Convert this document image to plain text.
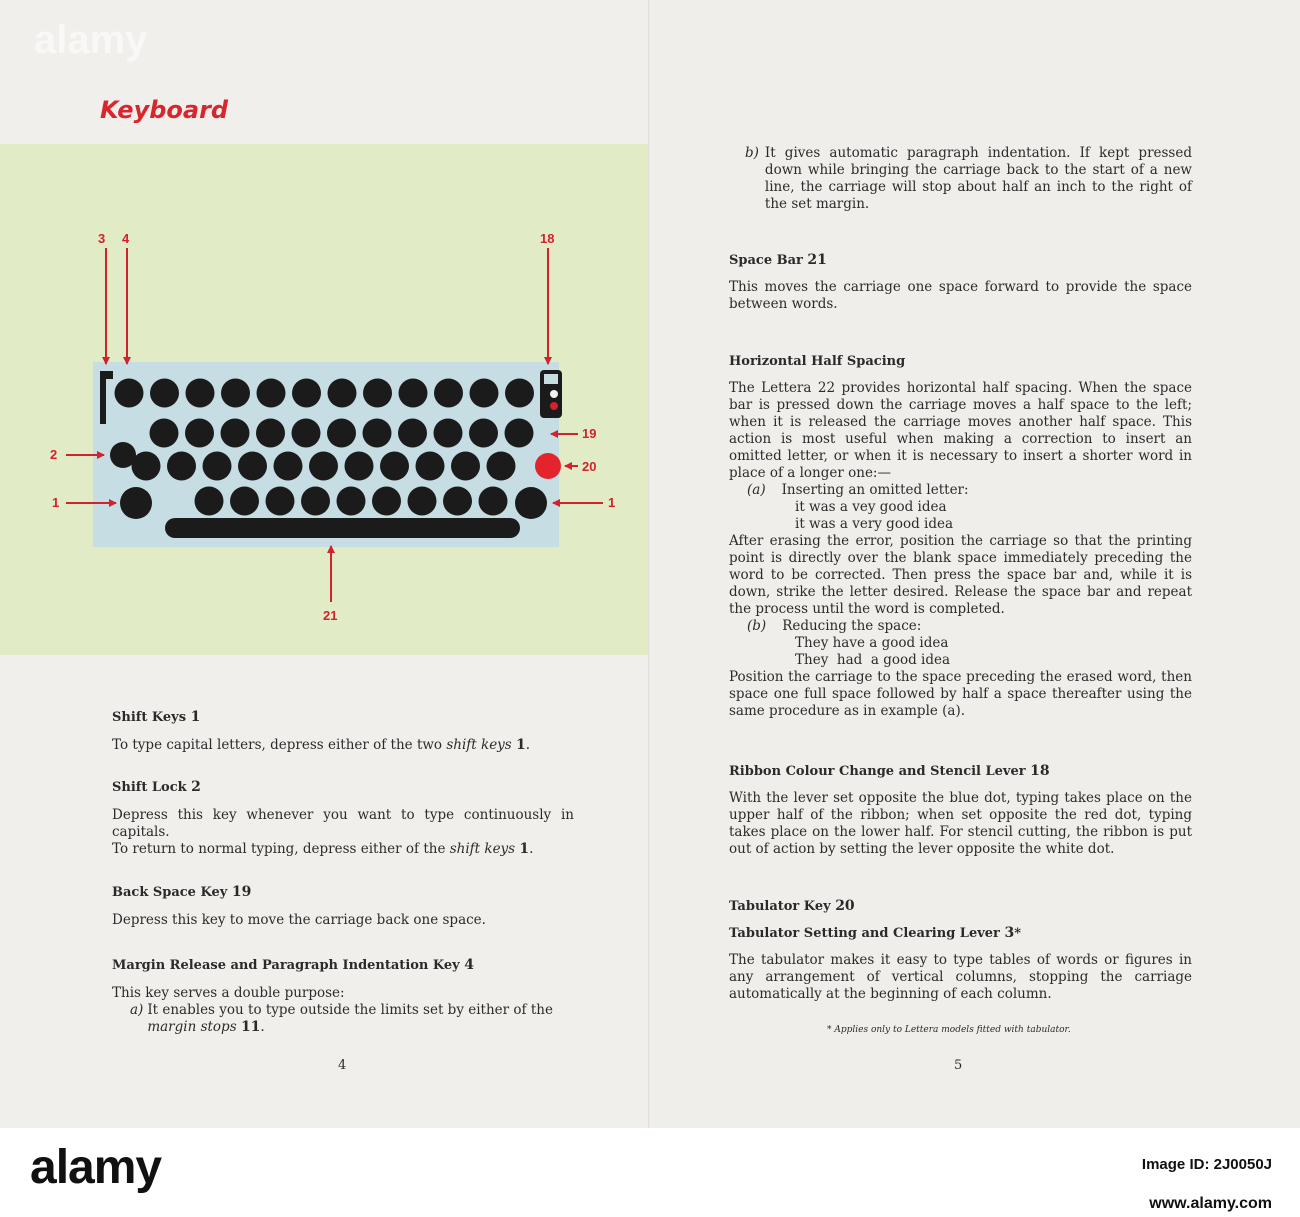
Keyboard
3 4	18
19
2
20
1	1
21

Shift Keys 1

To type capital letters, depress either of the two shift keys 1.

Shift Lock 2

Depress this key whenever you want to type continuously in capitals.

To return to normal typing, depress either of the shift keys 1.

Back Space Key 19

Depress this key to move the carriage back one space.

Margin Release and Paragraph Indentation Key 4

This key serves a double purpose:

a) It enables you to type outside the limits set by either of the
margin stops 11.
4
alamy
b) It gives automatic paragraph indentation. If kept pressed down while bringing the carriage back to the start of a new line, the carriage will stop about half an inch to the right of the set margin.

Space Bar 21

This moves the carriage one space forward to provide the space between words.

Horizontal Half Spacing

The Lettera 22 provides horizontal half spacing. When the space bar is pressed down the carriage moves a half space to the left; when it is released the carriage moves another half space. This action is most useful when making a correction to insert an omitted letter, or when it is necessary to insert a shorter word in place of a longer one:—

(a) Inserting an omitted letter:

it was a vey good idea

it was a very good idea

After erasing the error, position the carriage so that the printing point is directly over the blank space immediately preceding the word to be corrected. Then press the space bar and, while it is down, strike the letter desired. Release the space bar and repeat the process until the word is completed.

(b) Reducing the space:

They have a good idea

They  had  a good idea

Position the carriage to the space preceding the erased word, then space one full space followed by half a space thereafter using the same procedure as in example (a).

Ribbon Colour Change and Stencil Lever 18

With the lever set opposite the blue dot, typing takes place on the upper half of the ribbon; when set opposite the red dot, typing takes place on the lower half. For stencil cutting, the ribbon is put out of action by setting the lever opposite the white dot.

Tabulator Key 20

Tabulator Setting and Clearing Lever 3*

The tabulator makes it easy to type tables of words or figures in any arrangement of vertical columns, stopping the carriage automatically at the beginning of each column.

* Applies only to Lettera models fitted with tabulator.
5
alamy	Image ID: 2J0050J
www.alamy.com
